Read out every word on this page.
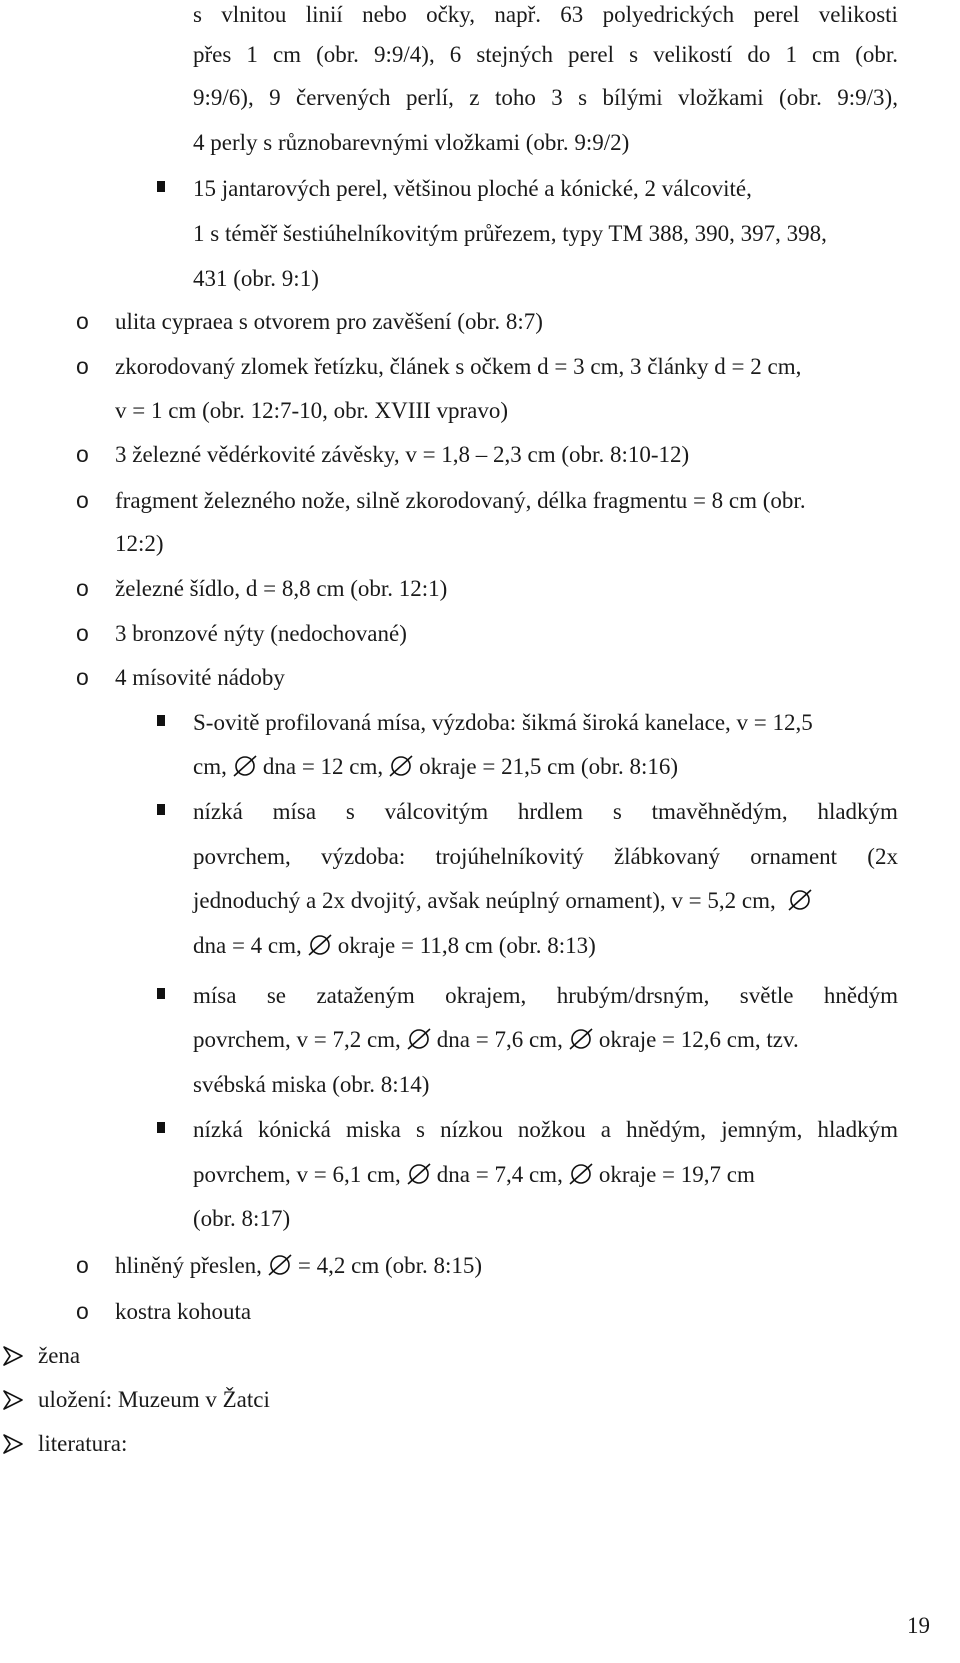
s vlnitou linií nebo očky, např. 63 polyedrických perel velikosti
přes 1 cm (obr. 9:9/4), 6 stejných perel s velikostí do 1 cm (obr.
9:9/6), 9 červených perlí, z toho 3 s bílými vložkami (obr. 9:9/3),
4 perly s různobarevnými vložkami (obr. 9:9/2)
15 jantarových perel, většinou ploché a kónické, 2 válcovité,
1 s téměř šestiúhelníkovitým průřezem, typy TM 388, 390, 397, 398,
431 (obr. 9:1)
o ulita cypraea s otvorem pro zavěšení (obr. 8:7)
o zkorodovaný zlomek řetízku, článek s očkem d = 3 cm, 3 články d = 2 cm,
v = 1 cm (obr. 12:7-10, obr. XVIII vpravo)
o 3 železné vědérkovité závěsky, v = 1,8 – 2,3 cm (obr. 8:10-12)
o fragment železného nože, silně zkorodovaný, délka fragmentu = 8 cm (obr.
12:2)
o železné šídlo, d = 8,8 cm (obr. 12:1)
o 3 bronzové nýty (nedochované)
o 4 mísovité nádoby
S-ovitě profilovaná mísa, výzdoba: šikmá široká kanelace, v = 12,5
cm, dna = 12 cm, okraje = 21,5 cm (obr. 8:16)
nízká mísa s válcovitým hrdlem s tmavěhnědým, hladkým
povrchem, výzdoba: trojúhelníkovitý žlábkovaný ornament (2x
jednoduchý a 2x dvojitý, avšak neúplný ornament), v = 5,2 cm,
dna = 4 cm, okraje = 11,8 cm (obr. 8:13)
mísa se zataženým okrajem, hrubým/drsným, světle hnědým
povrchem, v = 7,2 cm, dna = 7,6 cm, okraje = 12,6 cm, tzv.
svébská miska (obr. 8:14)
nízká kónická miska s nízkou nožkou a hnědým, jemným, hladkým
povrchem, v = 6,1 cm, dna = 7,4 cm, okraje = 19,7 cm
(obr. 8:17)
o hliněný přeslen, = 4,2 cm (obr. 8:15)
o kostra kohouta
žena
uložení: Muzeum v Žatci
literatura:
19
